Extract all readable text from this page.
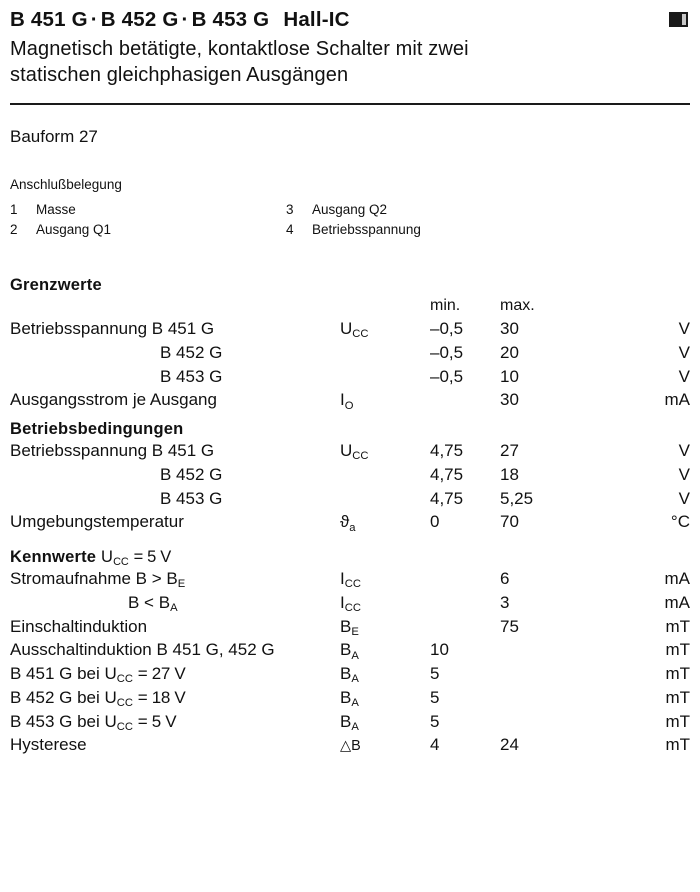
B 451 G · B 452 G · B 453 G Hall-IC
Magnetisch betätigte, kontaktlose Schalter mit zwei
statischen gleichphasigen Ausgängen
Bauform 27
Anschlußbelegung
1	Masse	3	Ausgang Q2
2	Ausgang Q1	4	Betriebsspannung
Grenzwerte
		min.	max.	
Betriebsspannung B 451 G	$U_{CC}$	–0,5	30	V
B 452 G		–0,5	20	V
B 453 G		–0,5	10	V
Ausgangsstrom je Ausgang	$I_O$		30	mA
Betriebsbedingungen
Betriebsspannung B 451 G	$U_{CC}$	4,75	27	V
B 452 G		4,75	18	V
B 453 G		4,75	5,25	V
Umgebungstemperatur	$ϑ_a$	0	70	°C
Kennwerte $U_{CC} = 5$ V
Stromaufnahme $B > B_E$	$I_{CC}$		6	mA
$B < B_A$	$I_{CC}$		3	mA
Einschaltinduktion	$B_E$		75	mT
Ausschaltinduktion B 451 G, 452 G	$B_A$	10		mT
B 451 G bei $U_{CC} = 27$ V	$B_A$	5		mT
B 452 G bei $U_{CC} = 18$ V	$B_A$	5		mT
B 453 G bei $U_{CC} = 5$ V	$B_A$	5		mT
Hysterese	△B	4	24	mT
